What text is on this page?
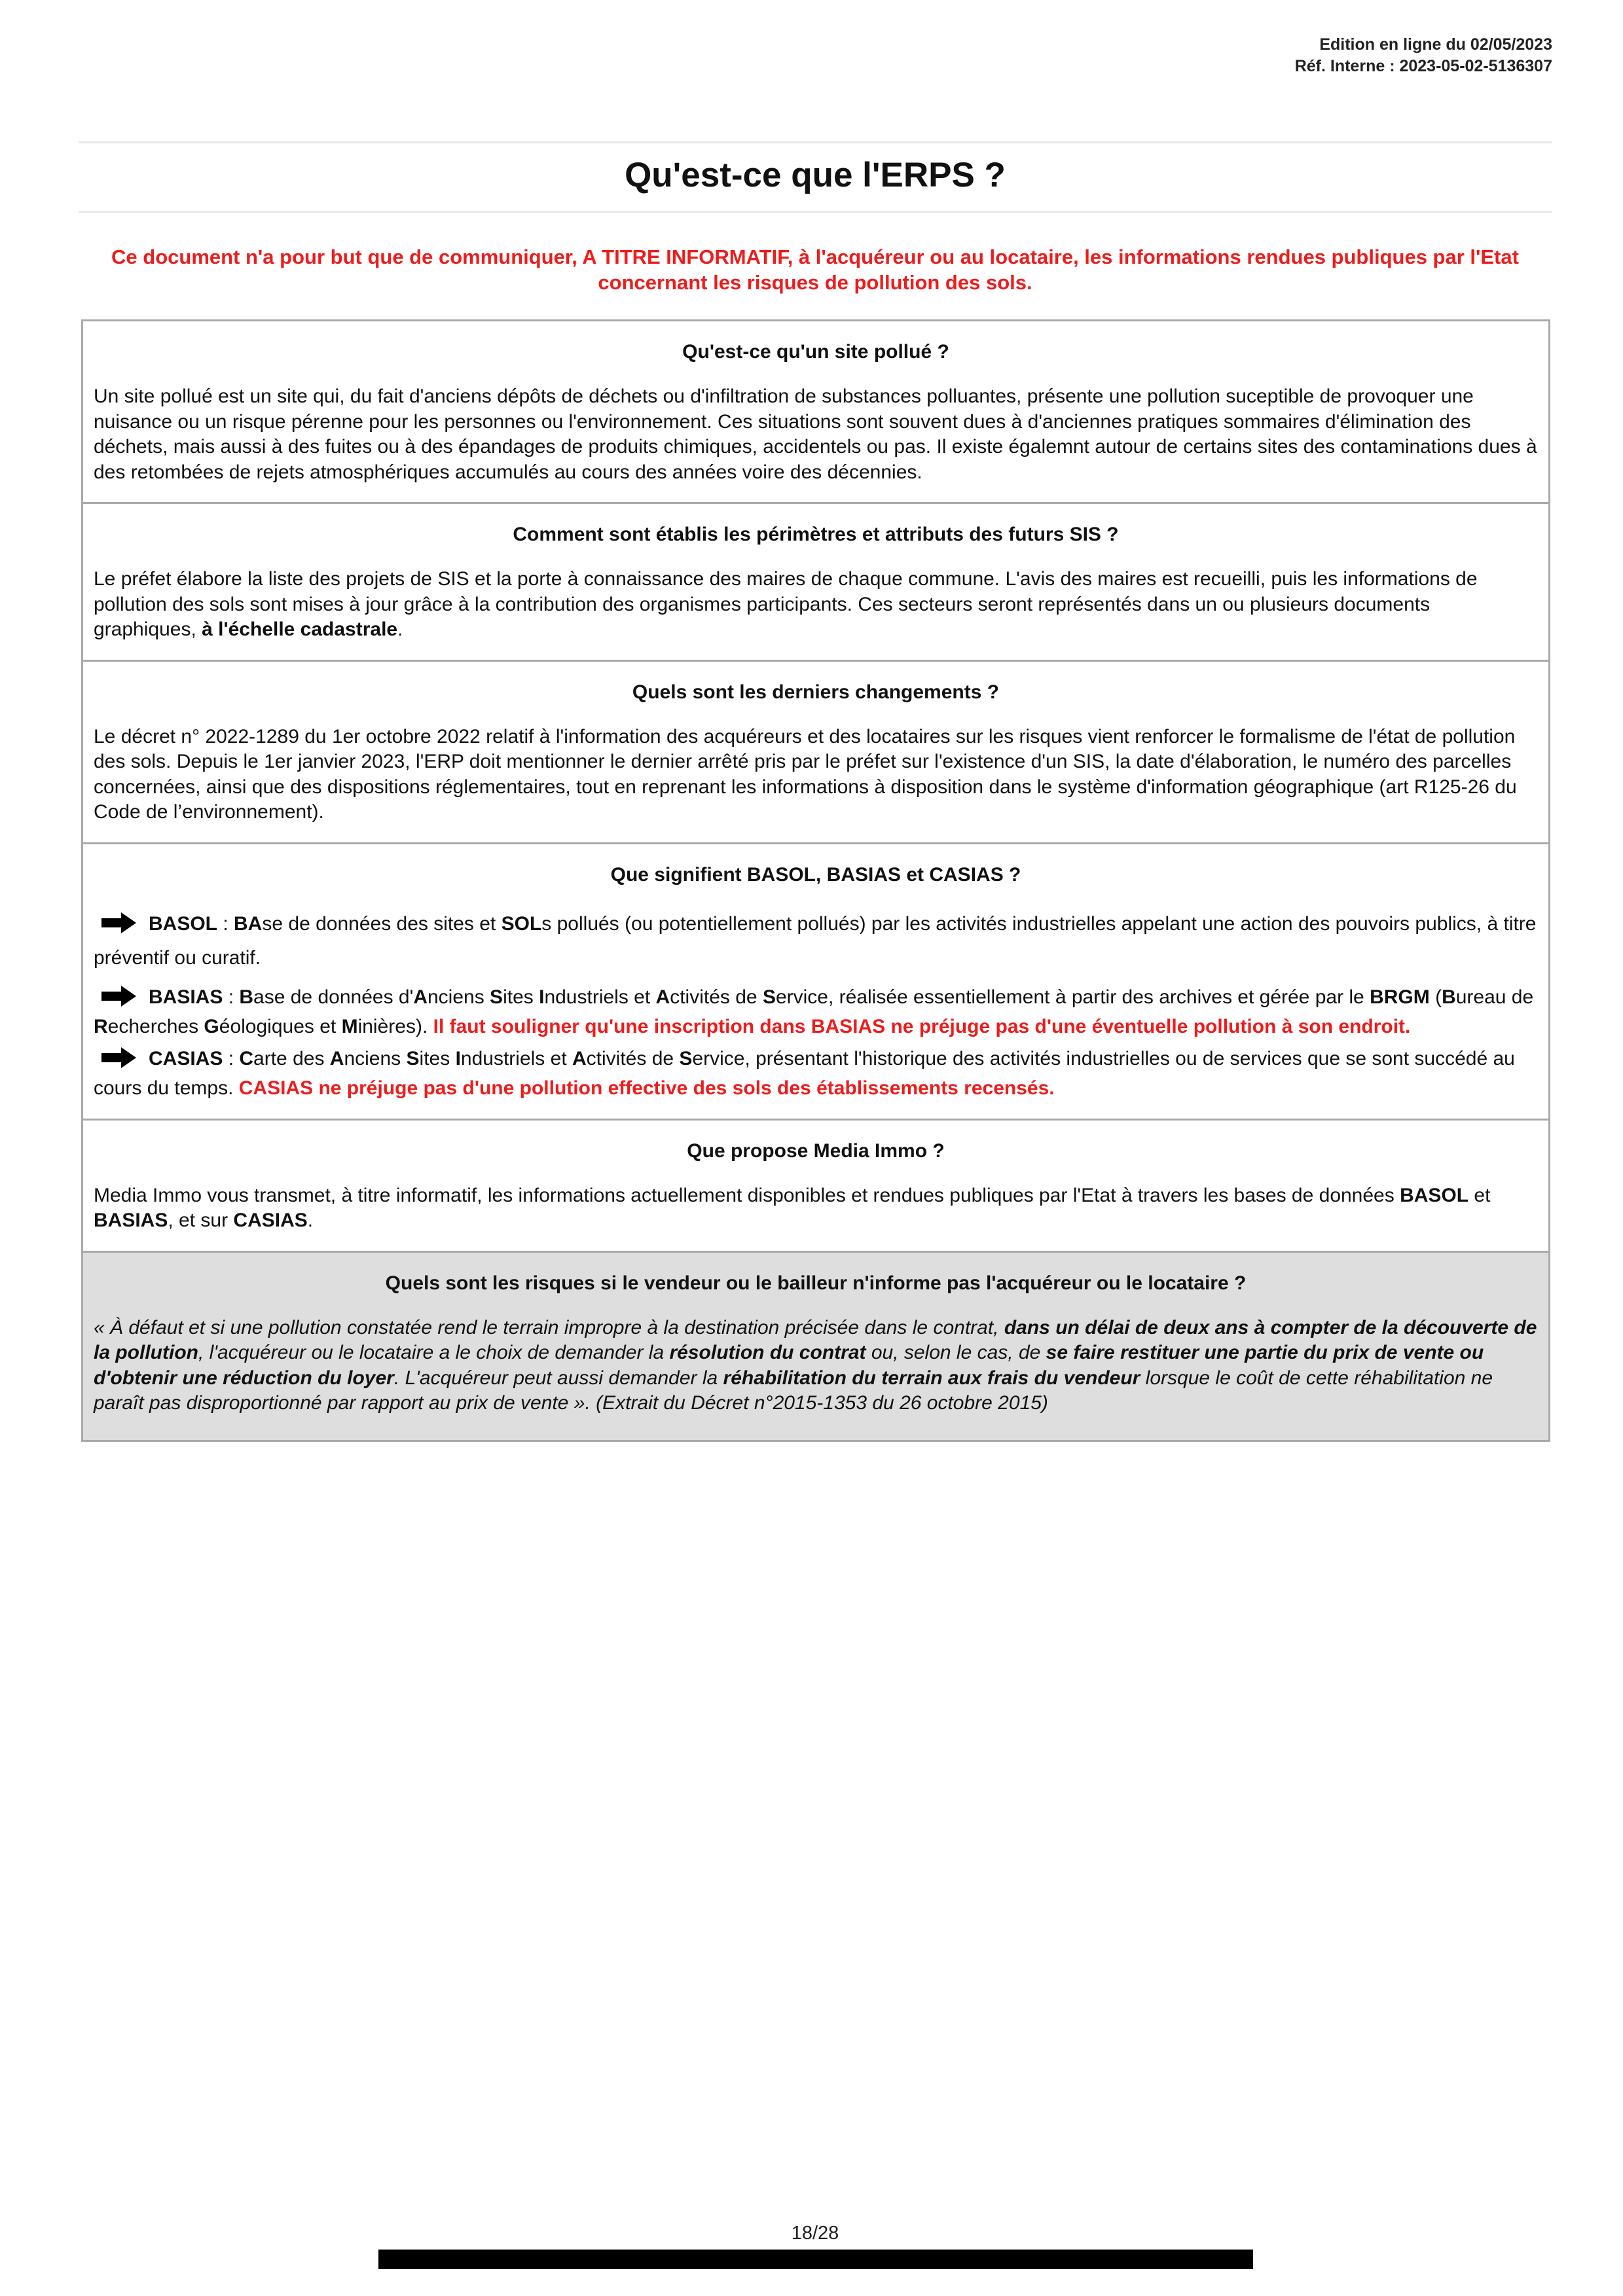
Edition en ligne du 02/05/2023
Réf. Interne : 2023-05-02-5136307
Qu'est-ce que l'ERPS ?
Ce document n'a pour but que de communiquer, A TITRE INFORMATIF, à l'acquéreur ou au locataire, les informations rendues publiques par l'Etat concernant les risques de pollution des sols.
Qu'est-ce qu'un site pollué ?

Un site pollué est un site qui, du fait d'anciens dépôts de déchets ou d'infiltration de substances polluantes, présente une pollution suceptible de provoquer une nuisance ou un risque pérenne pour les personnes ou l'environnement. Ces situations sont souvent dues à d'anciennes pratiques sommaires d'élimination des déchets, mais aussi à des fuites ou à des épandages de produits chimiques, accidentels ou pas. Il existe égalemnt autour de certains sites des contaminations dues à des retombées de rejets atmosphériques accumulés au cours des années voire des décennies.

Comment sont établis les périmètres et attributs des futurs SIS ?

Le préfet élabore la liste des projets de SIS et la porte à connaissance des maires de chaque commune. L'avis des maires est recueilli, puis les informations de pollution des sols sont mises à jour grâce à la contribution des organismes participants. Ces secteurs seront représentés dans un ou plusieurs documents graphiques, à l'échelle cadastrale.

Quels sont les derniers changements ?

Le décret n° 2022-1289 du 1er octobre 2022 relatif à l'information des acquéreurs et des locataires sur les risques vient renforcer le formalisme de l'état de pollution des sols. Depuis le 1er janvier 2023, l'ERP doit mentionner le dernier arrêté pris par le préfet sur l'existence d'un SIS, la date d'élaboration, le numéro des parcelles concernées, ainsi que des dispositions réglementaires, tout en reprenant les informations à disposition dans le système d'information géographique (art R125-26 du Code de l’environnement).

Que signifient BASOL, BASIAS et CASIAS ?
BASOL : BAse de données des sites et SOLs pollués (ou potentiellement pollués) par les activités industrielles appelant une action des pouvoirs publics, à titre préventif ou curatif.
BASIAS : Base de données d'Anciens Sites Industriels et Activités de Service, réalisée essentiellement à partir des archives et gérée par le BRGM (Bureau de Recherches Géologiques et Minières). Il faut souligner qu'une inscription dans BASIAS ne préjuge pas d'une éventuelle pollution à son endroit.
CASIAS : Carte des Anciens Sites Industriels et Activités de Service, présentant l'historique des activités industrielles ou de services que se sont succédé au cours du temps. CASIAS ne préjuge pas d'une pollution effective des sols des établissements recensés.
Que propose Media Immo ?

Media Immo vous transmet, à titre informatif, les informations actuellement disponibles et rendues publiques par l'Etat à travers les bases de données BASOL et BASIAS, et sur CASIAS.

Quels sont les risques si le vendeur ou le bailleur n'informe pas l'acquéreur ou le locataire ?

« À défaut et si une pollution constatée rend le terrain impropre à la destination précisée dans le contrat, dans un délai de deux ans à compter de la découverte de la pollution, l'acquéreur ou le locataire a le choix de demander la résolution du contrat ou, selon le cas, de se faire restituer une partie du prix de vente ou d'obtenir une réduction du loyer. L'acquéreur peut aussi demander la réhabilitation du terrain aux frais du vendeur lorsque le coût de cette réhabilitation ne paraît pas disproportionné par rapport au prix de vente ». (Extrait du Décret n°2015-1353 du 26 octobre 2015)

18/28
